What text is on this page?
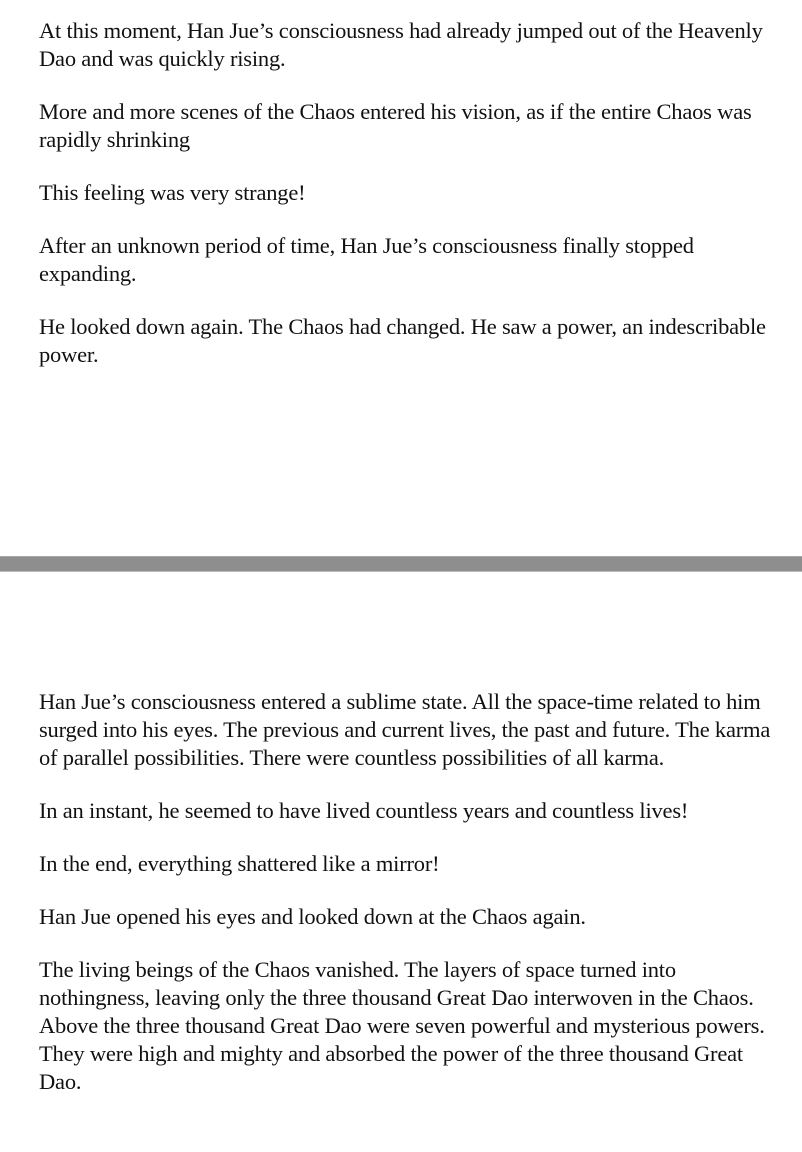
At this moment, Han Jue’s consciousness had already jumped out of the Heavenly Dao and was quickly rising.

More and more scenes of the Chaos entered his vision, as if the entire Chaos was rapidly shrinking

This feeling was very strange!

After an unknown period of time, Han Jue’s consciousness finally stopped expanding.

He looked down again. The Chaos had changed. He saw a power, an indescribable power.

Han Jue’s consciousness entered a sublime state. All the space-time related to him surged into his eyes. The previous and current lives, the past and future. The karma of parallel possibilities. There were countless possibilities of all karma.

In an instant, he seemed to have lived countless years and countless lives!

In the end, everything shattered like a mirror!

Han Jue opened his eyes and looked down at the Chaos again.

The living beings of the Chaos vanished. The layers of space turned into nothingness, leaving only the three thousand Great Dao interwoven in the Chaos. Above the three thousand Great Dao were seven powerful and mysterious powers. They were high and mighty and absorbed the power of the three thousand Great Dao.
